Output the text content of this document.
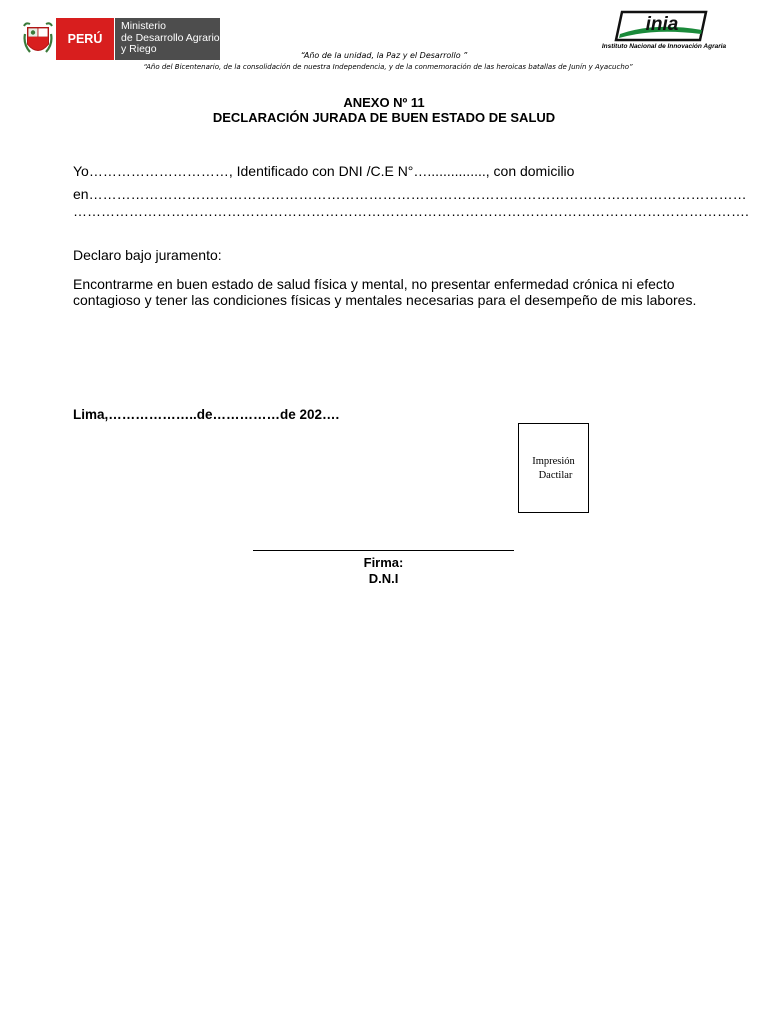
PERÚ
Ministerio
de Desarrollo Agrario
y Riego
inia
Instituto Nacional de Innovación Agraria
“Año de la unidad, la Paz y el Desarrollo ”
“Año del Bicentenario, de la consolidación de nuestra Independencia, y de la conmemoración de las heroicas batallas de Junín y Ayacucho”
ANEXO Nº 11
DECLARACIÓN JURADA DE BUEN ESTADO DE SALUD
Yo…………………………, Identificado con DNI /C.E N°…..............., con domicilio
en……………………………………………………………………………………………………………………………
……………………………………………………………………………………………………………………………….
Declaro bajo juramento:
Encontrarme en buen estado de salud física y mental, no presentar enfermedad crónica ni efecto contagioso y tener las condiciones físicas y mentales necesarias para el desempeño de mis labores.
Lima,………………..de……………de 202….
Impresión
Dactilar
Firma:
D.N.I
